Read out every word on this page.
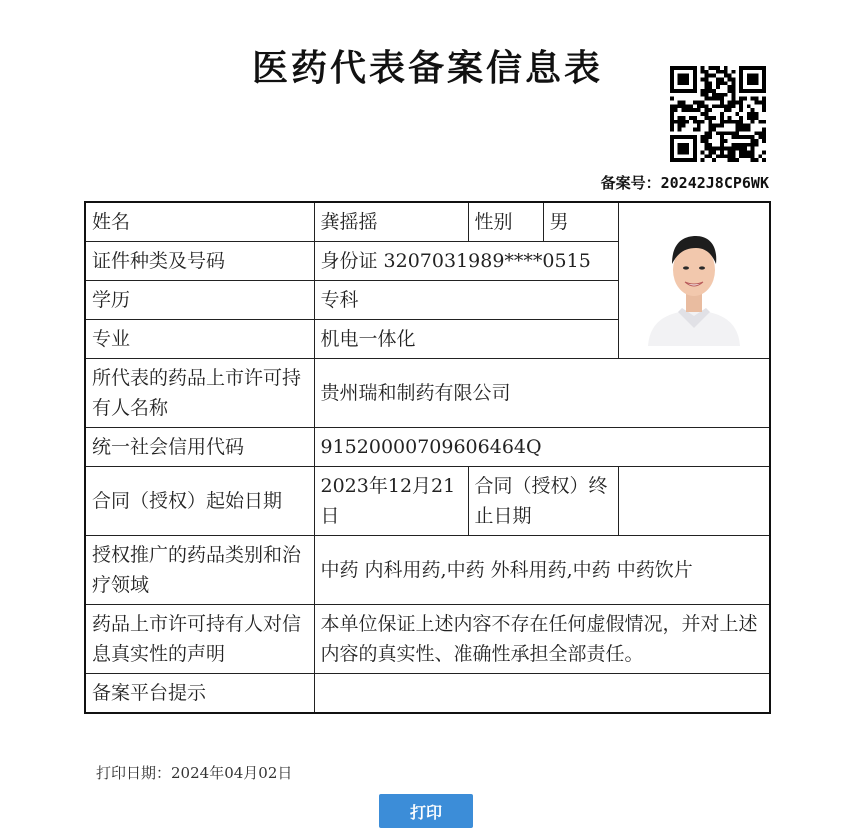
医药代表备案信息表
备案号：20242J8CP6WK
姓名	龚摇摇	性别	男	

证件种类及号码	身份证 3207031989****0515			
学历	专科			
专业	机电一体化			
所代表的药品上市许可持有人名称	贵州瑞和制药有限公司			
统一社会信用代码	91520000709606464Q			
合同（授权）起始日期	2023年12月21日	合同（授权）终止日期		
授权推广的药品类别和治疗领域	中药 内科用药,中药 外科用药,中药 中药饮片			
药品上市许可持有人对信息真实性的声明	本单位保证上述内容不存在任何虚假情况，并对上述内容的真实性、准确性承担全部责任。			
备案平台提示				
打印日期：2024年04月02日
打印
